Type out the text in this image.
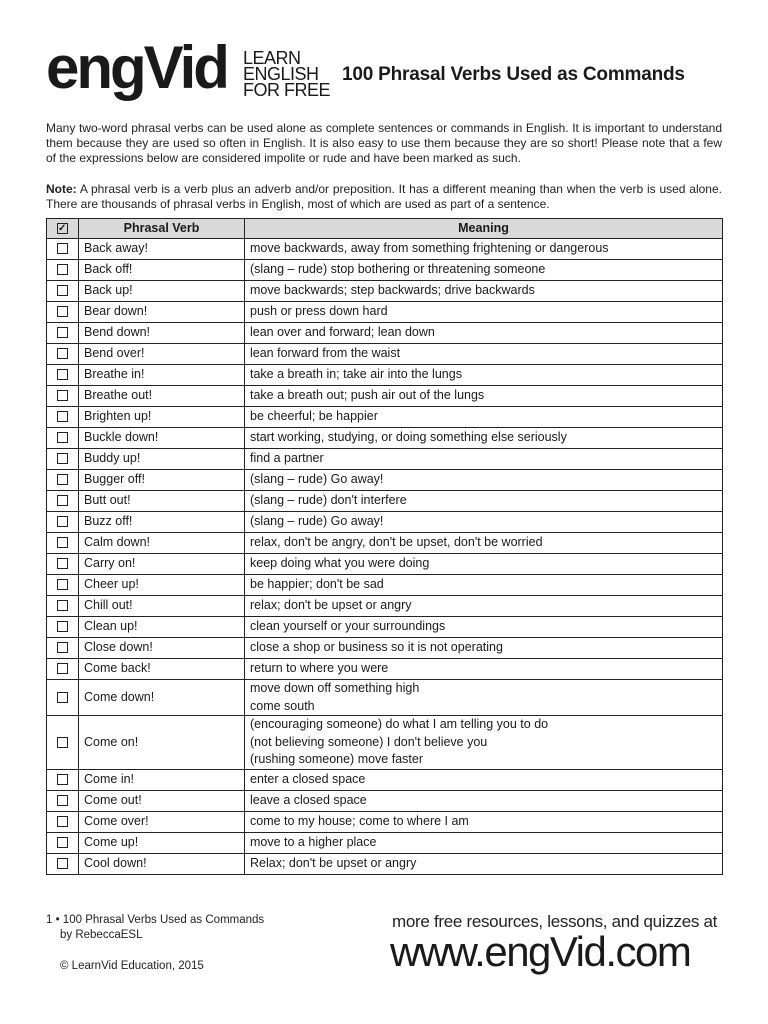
engVid LEARN
ENGLISH
FOR FREE
100 Phrasal Verbs Used as Commands
Many two-word phrasal verbs can be used alone as complete sentences or commands in English. It is important to understand them because they are used so often in English. It is also easy to use them because they are so short! Please note that a few of the expressions below are considered impolite or rude and have been marked as such.
Note: A phrasal verb is a verb plus an adverb and/or preposition. It has a different meaning than when the verb is used alone. There are thousands of phrasal verbs in English, most of which are used as part of a sentence.
✓	Phrasal Verb	Meaning
	Back away!	move backwards, away from something frightening or dangerous

	Back off!	(slang – rude) stop bothering or threatening someone

	Back up!	move backwards; step backwards; drive backwards

	Bear down!	push or press down hard

	Bend down!	lean over and forward; lean down

	Bend over!	lean forward from the waist

	Breathe in!	take a breath in; take air into the lungs

	Breathe out!	take a breath out; push air out of the lungs

	Brighten up!	be cheerful; be happier

	Buckle down!	start working, studying, or doing something else seriously

	Buddy up!	find a partner

	Bugger off!	(slang – rude) Go away!

	Butt out!	(slang – rude) don't interfere

	Buzz off!	(slang – rude) Go away!

	Calm down!	relax, don't be angry, don't be upset, don't be worried

	Carry on!	keep doing what you were doing

	Cheer up!	be happier; don't be sad

	Chill out!	relax; don't be upset or angry

	Clean up!	clean yourself or your surroundings

	Close down!	close a shop or business so it is not operating

	Come back!	return to where you were

	Come down!	move down off something high
come south

	Come on!	(encouraging someone) do what I am telling you to do
(not believing someone) I don't believe you
(rushing someone) move faster

	Come in!	enter a closed space

	Come out!	leave a closed space

	Come over!	come to my house; come to where I am

	Come up!	move to a higher place

	Cool down!	Relax; don't be upset or angry
1 • 100 Phrasal Verbs Used as Commands
by RebeccaESL
© LearnVid Education, 2015
more free resources, lessons, and quizzes at
www.engVid.com
